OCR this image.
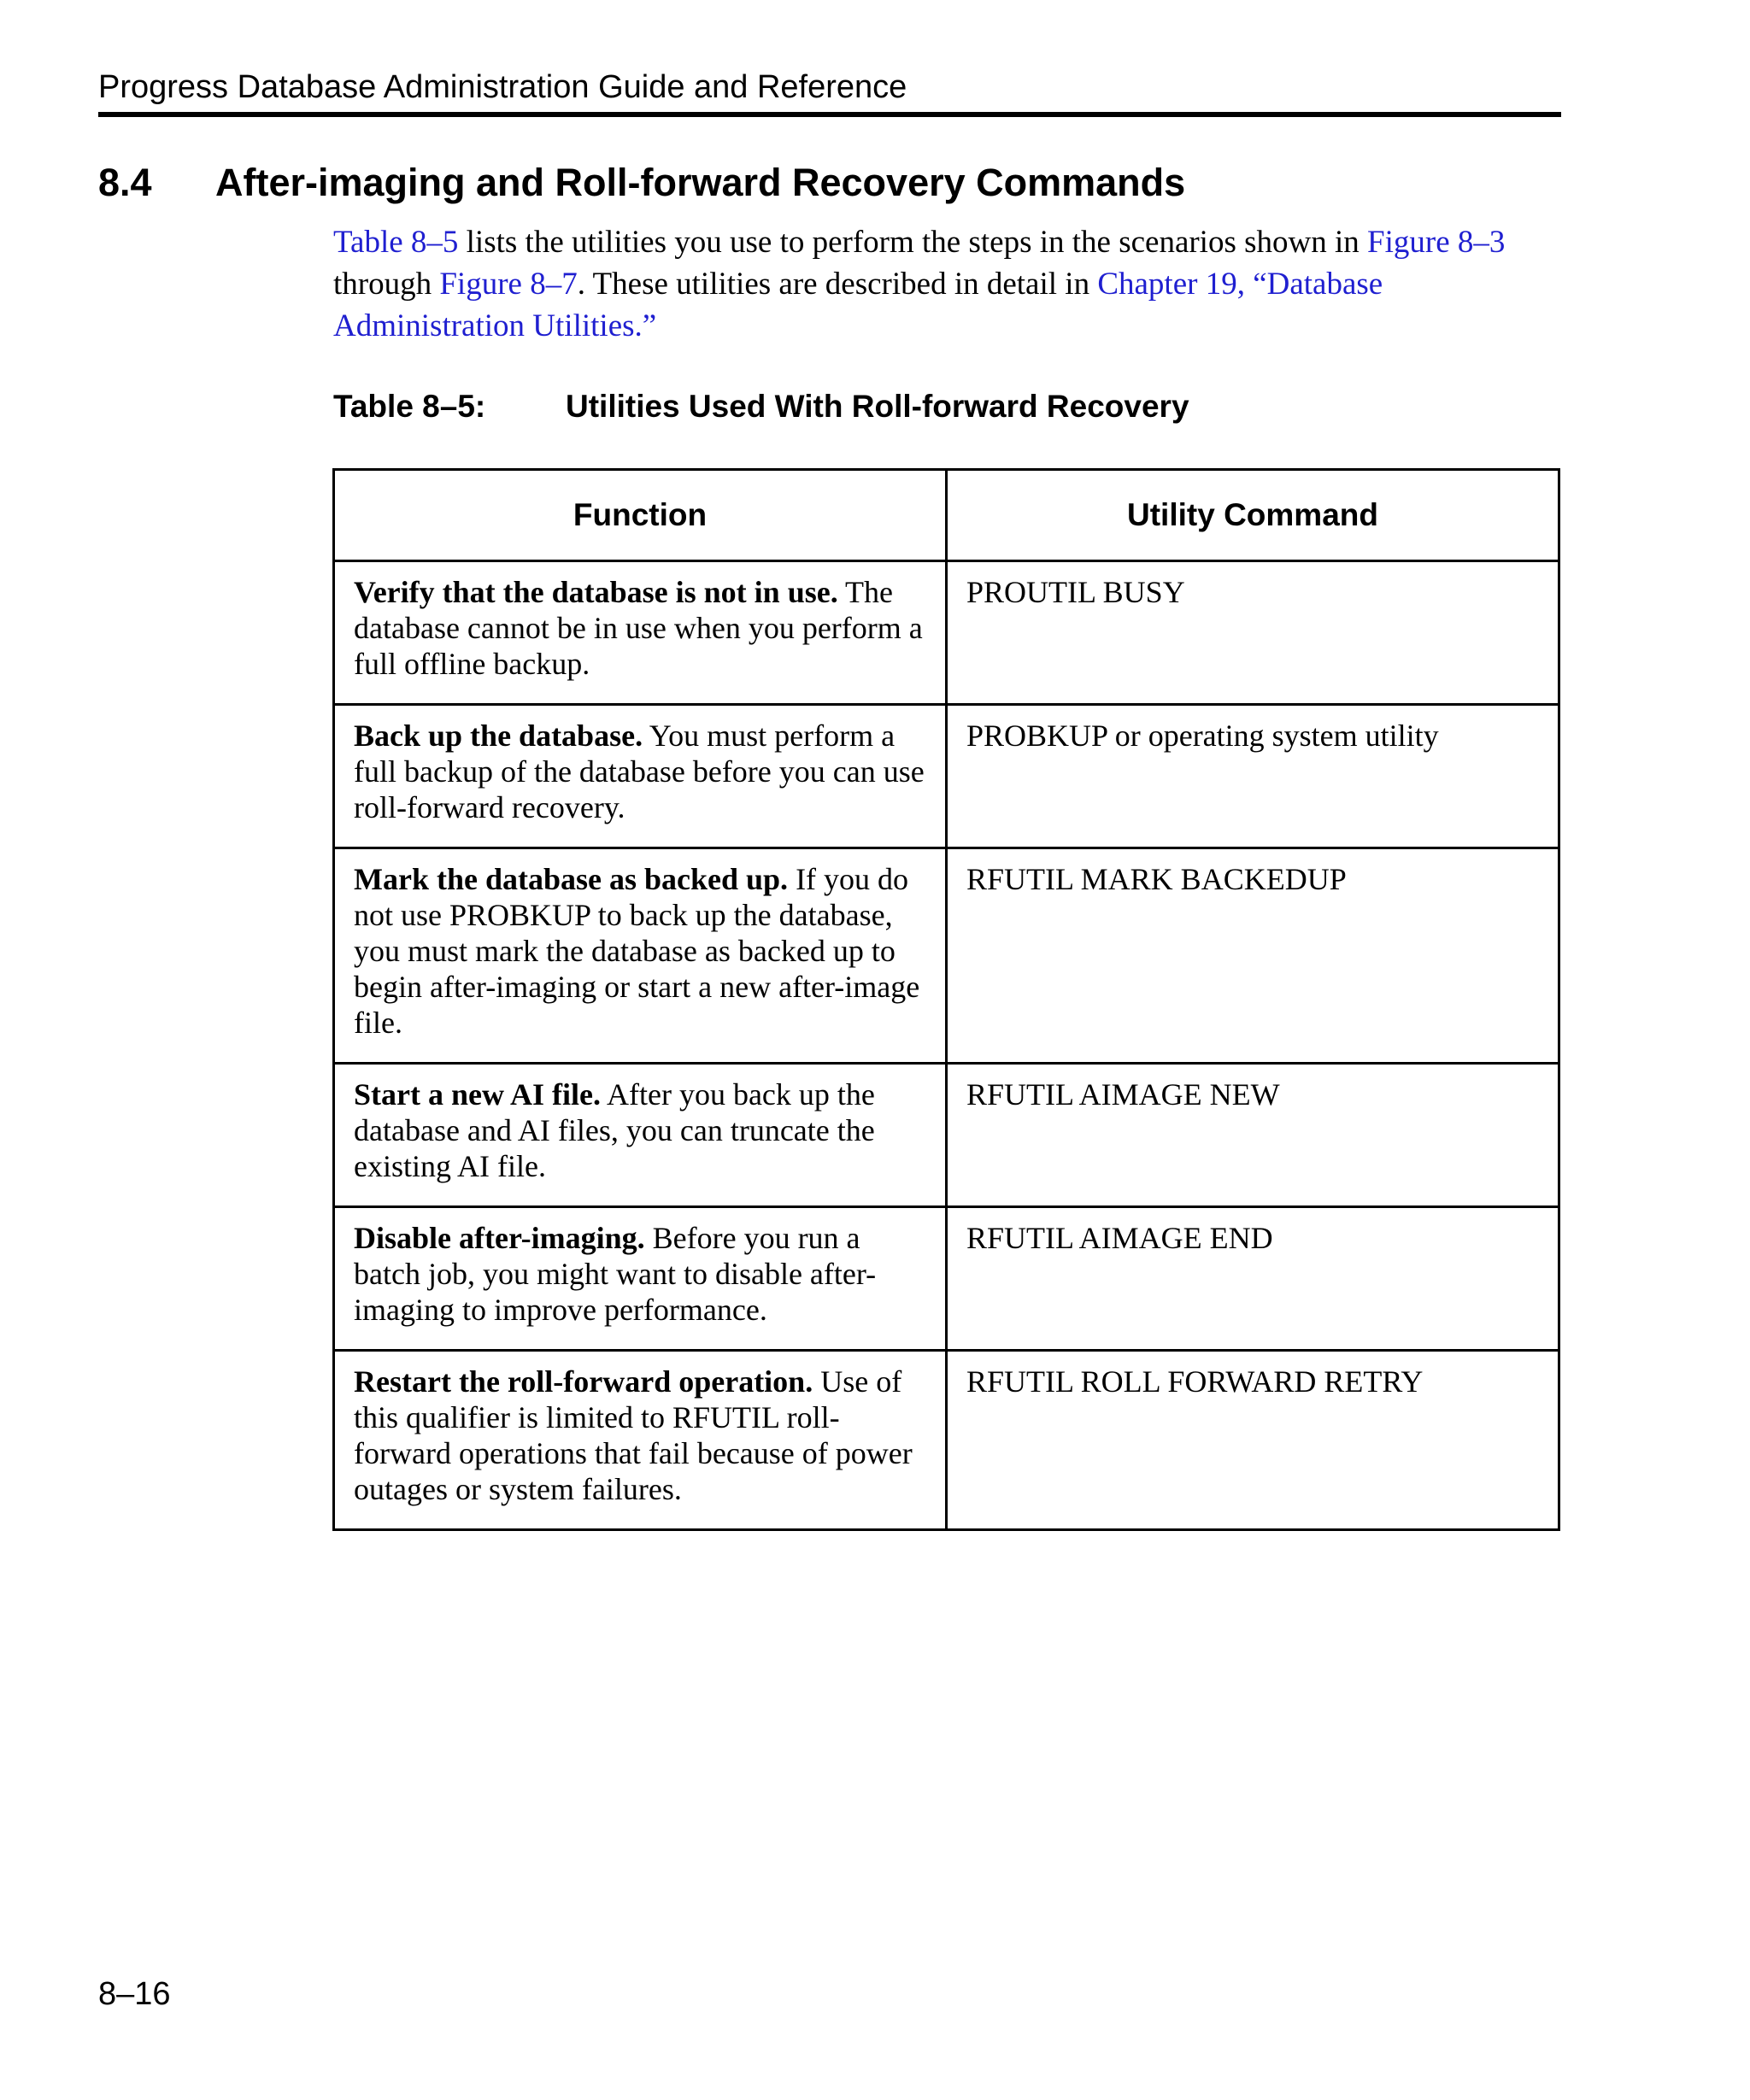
Progress Database Administration Guide and Reference
8.4 After-imaging and Roll-forward Recovery Commands

Table 8–5 lists the utilities you use to perform the steps in the scenarios shown in Figure 8–3 through Figure 8–7. These utilities are described in detail in Chapter 19, “Database Administration Utilities.”

Table 8–5:	Utilities Used With Roll-forward Recovery
Function	Utility Command
Verify that the database is not in use. The database cannot be in use when you perform a full offline backup.	PROUTIL BUSY
Back up the database. You must perform a full backup of the database before you can use roll-forward recovery.	PROBKUP or operating system utility
Mark the database as backed up. If you do not use PROBKUP to back up the database, you must mark the database as backed up to begin after-imaging or start a new after-image file.	RFUTIL MARK BACKEDUP
Start a new AI file. After you back up the database and AI files, you can truncate the existing AI file.	RFUTIL AIMAGE NEW
Disable after-imaging. Before you run a batch job, you might want to disable after-imaging to improve performance.	RFUTIL AIMAGE END
Restart the roll-forward operation. Use of this qualifier is limited to RFUTIL roll-forward operations that fail because of power outages or system failures.	RFUTIL ROLL FORWARD RETRY
8–16
